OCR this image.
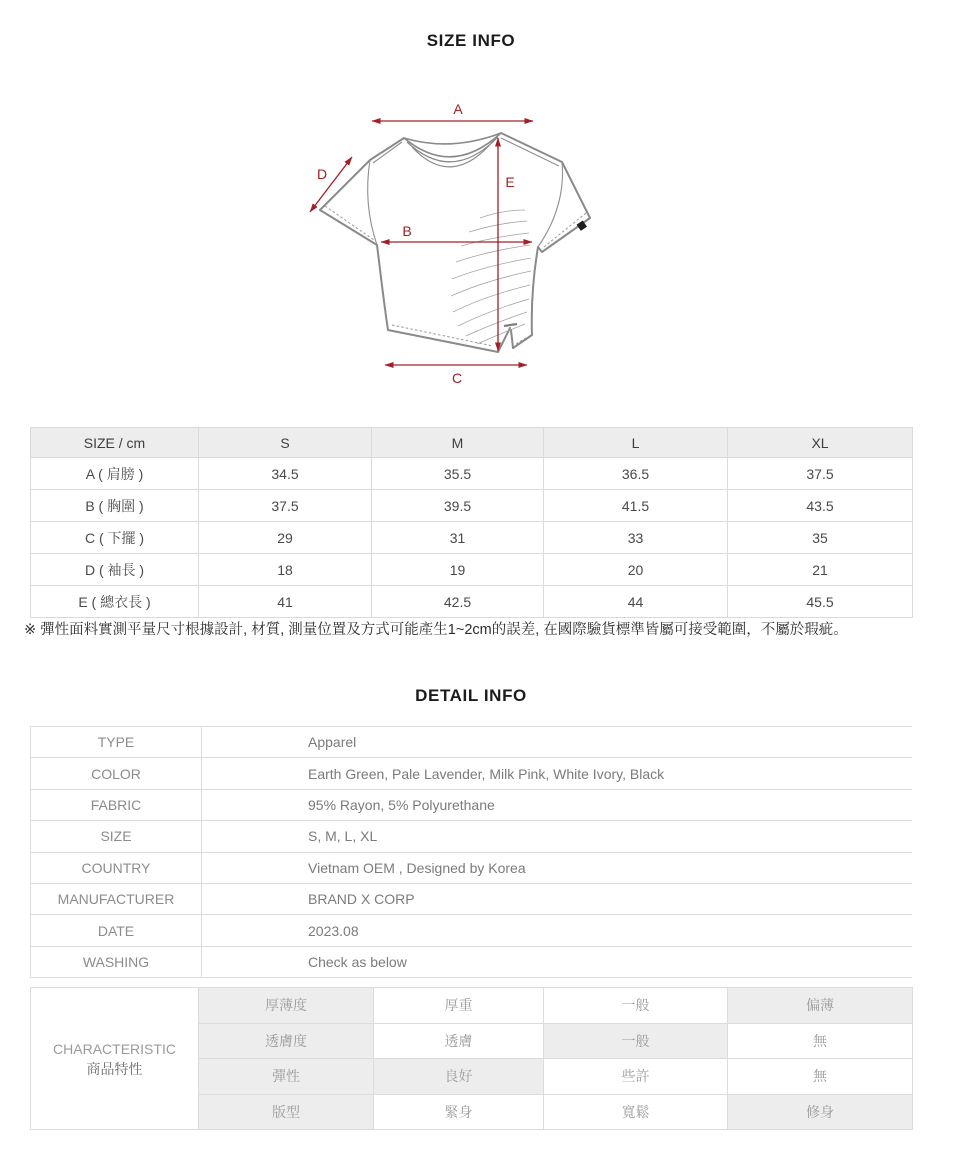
SIZE INFO
A
B
C
D	E
SIZE / cm	S	M	L	XL
A ( 肩膀 )	34.5	35.5	36.5	37.5
B ( 胸圍 )	37.5	39.5	41.5	43.5
C ( 下擺 )	29	31	33	35
D ( 袖長 )	18	19	20	21
E ( 總衣長 )	41	42.5	44	45.5
※ 彈性面料實測平量尺寸根據設計, 材質, 測量位置及方式可能產生1~2cm的誤差, 在國際驗貨標準皆屬可接受範圍，不屬於瑕疵。
DETAIL INFO
TYPE	Apparel
COLOR	Earth Green, Pale Lavender, Milk Pink, White Ivory, Black
FABRIC	95% Rayon, 5% Polyurethane
SIZE	S, M, L, XL
COUNTRY	Vietnam OEM , Designed by Korea
MANUFACTURER	BRAND X CORP
DATE	2023.08
WASHING	Check as below
CHARACTERISTIC
商品特性	厚薄度	厚重	一般	偏薄
	透膚度	透膚	一般	無
	彈性	良好	些許	無
	版型	緊身	寬鬆	修身
